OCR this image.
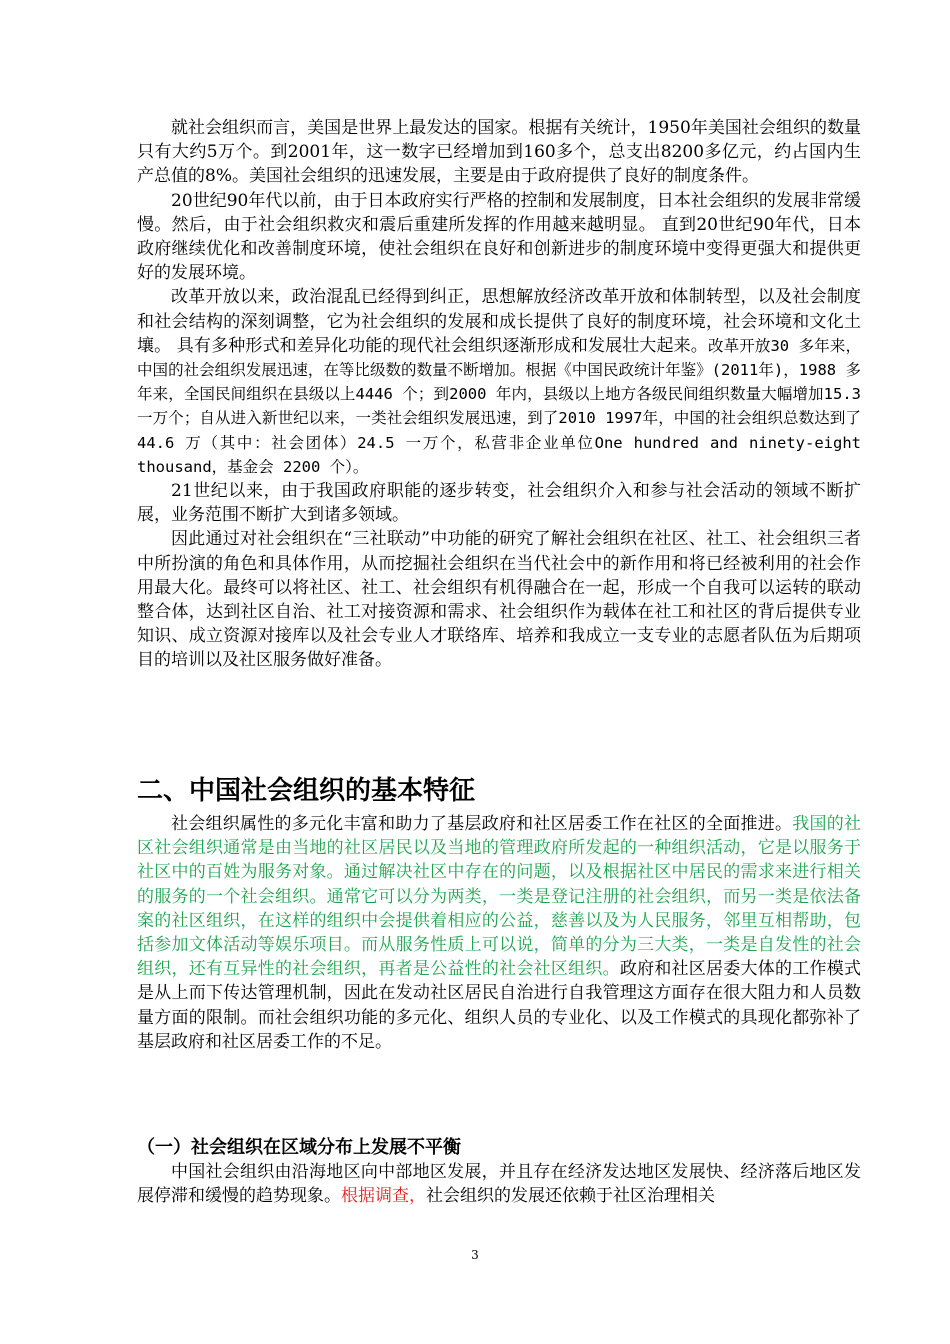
就社会组织而言，美国是世界上最发达的国家。根据有关统计，1950年美国社会组织的数量只有大约5万个。到2001年，这一数字已经增加到160多个，总支出8200多亿元，约占国内生产总值的8%。美国社会组织的迅速发展，主要是由于政府提供了良好的制度条件。

20世纪90年代以前，由于日本政府实行严格的控制和发展制度，日本社会组织的发展非常缓慢。然后，由于社会组织救灾和震后重建所发挥的作用越来越明显。 直到20世纪90年代，日本政府继续优化和改善制度环境，使社会组织在良好和创新进步的制度环境中变得更强大和提供更好的发展环境。

改革开放以来，政治混乱已经得到纠正，思想解放经济改革开放和体制转型，以及社会制度和社会结构的深刻调整，它为社会组织的发展和成长提供了良好的制度环境，社会环境和文化土壤。 具有多种形式和差异化功能的现代社会组织逐渐形成和发展壮大起来。改革开放30 多年来，中国的社会组织发展迅速，在等比级数的数量不断增加。根据《中国民政统计年鉴》(2011年)，1988 多年来，全国民间组织在县级以上4446 个；到2000 年内，县级以上地方各级民间组织数量大幅增加15.3 一万个；自从进入新世纪以来，一类社会组织发展迅速，到了2010 1997年，中国的社会组织总数达到了44.6 万（其中：社会团体）24.5 一万个，私营非企业单位One hundred and ninety-eight thousand，基金会 2200 个）。

21世纪以来，由于我国政府职能的逐步转变，社会组织介入和参与社会活动的领域不断扩展，业务范围不断扩大到诸多领域。

因此通过对社会组织在“三社联动”中功能的研究了解社会组织在社区、社工、社会组织三者中所扮演的角色和具体作用，从而挖掘社会组织在当代社会中的新作用和将已经被利用的社会作用最大化。最终可以将社区、社工、社会组织有机得融合在一起，形成一个自我可以运转的联动整合体，达到社区自治、社工对接资源和需求、社会组织作为载体在社工和社区的背后提供专业知识、成立资源对接库以及社会专业人才联络库、培养和我成立一支专业的志愿者队伍为后期项目的培训以及社区服务做好准备。

二、中国社会组织的基本特征

社会组织属性的多元化丰富和助力了基层政府和社区居委工作在社区的全面推进。我国的社区社会组织通常是由当地的社区居民以及当地的管理政府所发起的一种组织活动，它是以服务于社区中的百姓为服务对象。通过解决社区中存在的问题，以及根据社区中居民的需求来进行相关的服务的一个社会组织。通常它可以分为两类，一类是登记注册的社会组织，而另一类是依法备案的社区组织，在这样的组织中会提供着相应的公益，慈善以及为人民服务，邻里互相帮助，包括参加文体活动等娱乐项目。而从服务性质上可以说，简单的分为三大类，一类是自发性的社会组织，还有互异性的社会组织，再者是公益性的社会社区组织。政府和社区居委大体的工作模式是从上而下传达管理机制，因此在发动社区居民自治进行自我管理这方面存在很大阻力和人员数量方面的限制。而社会组织功能的多元化、组织人员的专业化、以及工作模式的具现化都弥补了基层政府和社区居委工作的不足。

（一）社会组织在区域分布上发展不平衡

中国社会组织由沿海地区向中部地区发展，并且存在经济发达地区发展快、经济落后地区发展停滞和缓慢的趋势现象。根据调查，社会组织的发展还依赖于社区治理相关

3
